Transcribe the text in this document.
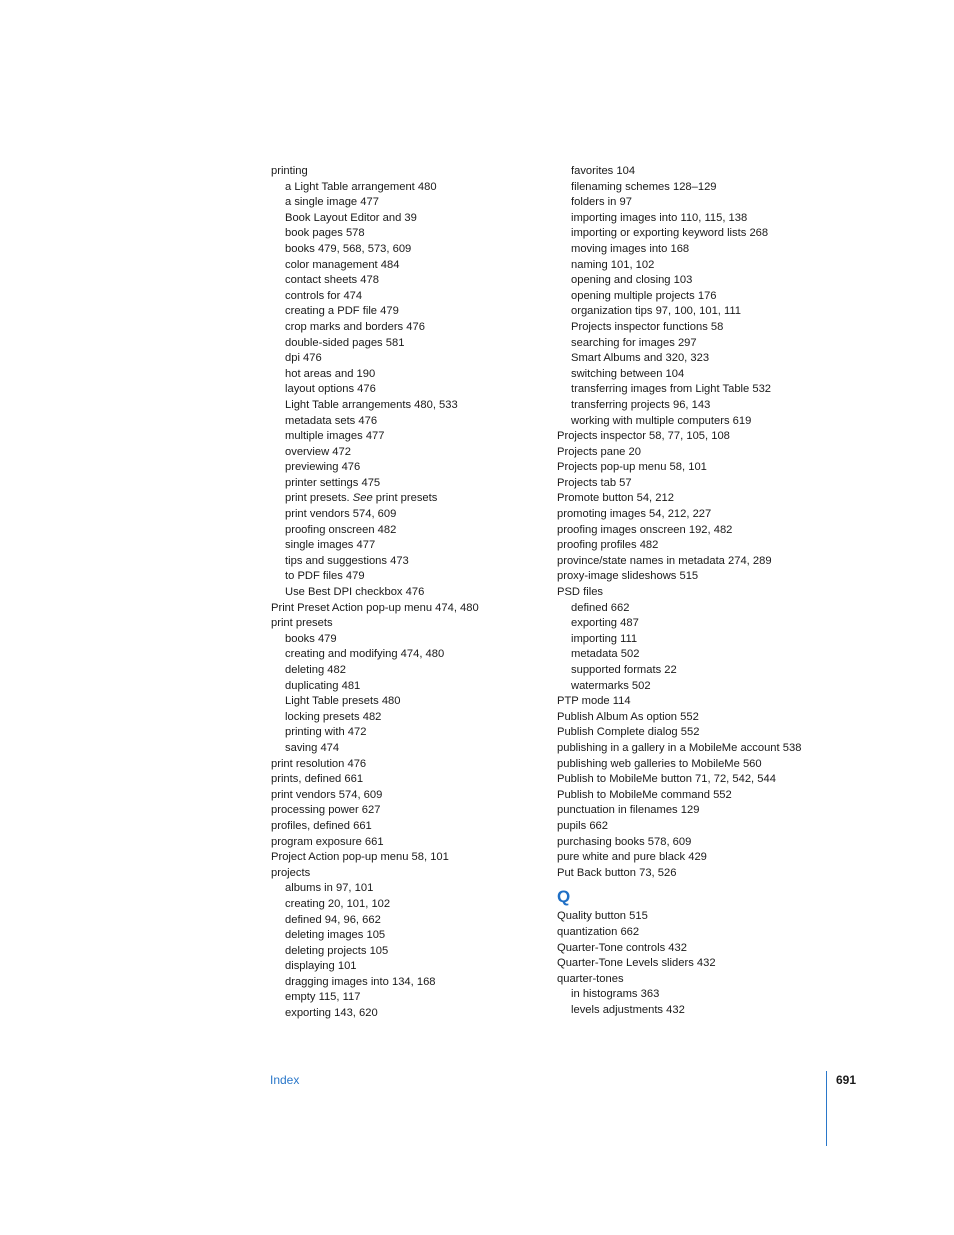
printing
a Light Table arrangement 480
a single image 477
Book Layout Editor and 39
book pages 578
books 479, 568, 573, 609
color management 484
contact sheets 478
controls for 474
creating a PDF file 479
crop marks and borders 476
double-sided pages 581
dpi 476
hot areas and 190
layout options 476
Light Table arrangements 480, 533
metadata sets 476
multiple images 477
overview 472
previewing 476
printer settings 475
print presets. See print presets
print vendors 574, 609
proofing onscreen 482
single images 477
tips and suggestions 473
to PDF files 479
Use Best DPI checkbox 476
Print Preset Action pop-up menu 474, 480
print presets
books 479
creating and modifying 474, 480
deleting 482
duplicating 481
Light Table presets 480
locking presets 482
printing with 472
saving 474
print resolution 476
prints, defined 661
print vendors 574, 609
processing power 627
profiles, defined 661
program exposure 661
Project Action pop-up menu 58, 101
projects
albums in 97, 101
creating 20, 101, 102
defined 94, 96, 662
deleting images 105
deleting projects 105
displaying 101
dragging images into 134, 168
empty 115, 117
exporting 143, 620
favorites 104
filenaming schemes 128–129
folders in 97
importing images into 110, 115, 138
importing or exporting keyword lists 268
moving images into 168
naming 101, 102
opening and closing 103
opening multiple projects 176
organization tips 97, 100, 101, 111
Projects inspector functions 58
searching for images 297
Smart Albums and 320, 323
switching between 104
transferring images from Light Table 532
transferring projects 96, 143
working with multiple computers 619
Projects inspector 58, 77, 105, 108
Projects pane 20
Projects pop-up menu 58, 101
Projects tab 57
Promote button 54, 212
promoting images 54, 212, 227
proofing images onscreen 192, 482
proofing profiles 482
province/state names in metadata 274, 289
proxy-image slideshows 515
PSD files
defined 662
exporting 487
importing 111
metadata 502
supported formats 22
watermarks 502
PTP mode 114
Publish Album As option 552
Publish Complete dialog 552
publishing in a gallery in a MobileMe account 538
publishing web galleries to MobileMe 560
Publish to MobileMe button 71, 72, 542, 544
Publish to MobileMe command 552
punctuation in filenames 129
pupils 662
purchasing books 578, 609
pure white and pure black 429
Put Back button 73, 526
Q
Quality button 515
quantization 662
Quarter-Tone controls 432
Quarter-Tone Levels sliders 432
quarter-tones
in histograms 363
levels adjustments 432
Index	691
